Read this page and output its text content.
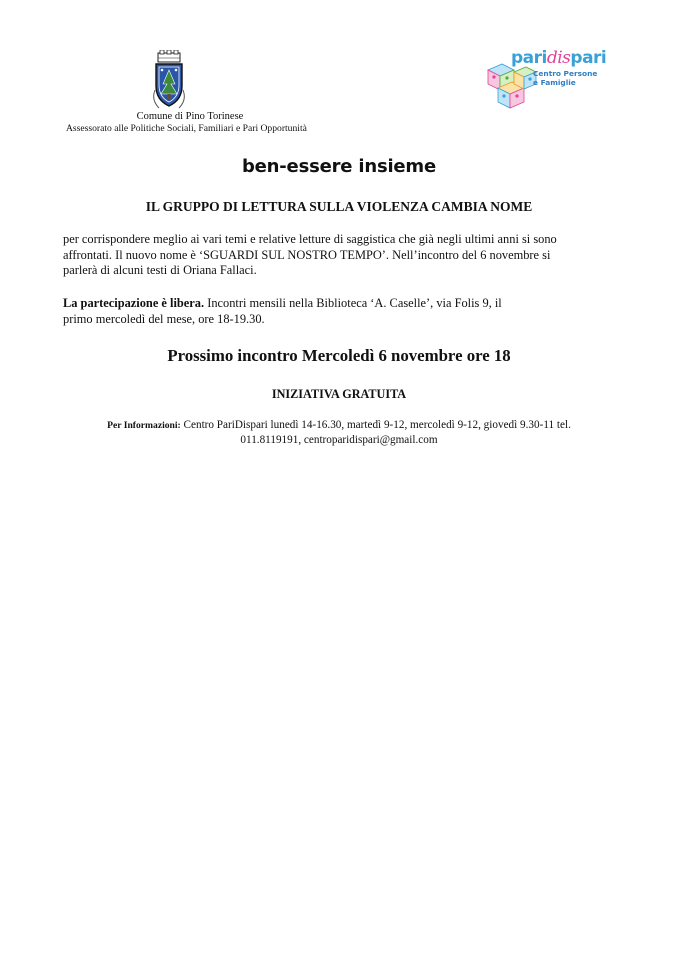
Comune di Pino Torinese
Assessorato alle Politiche Sociali, Familiari e Pari Opportunità
paridispari
Centro Persone
e Famiglie
ben-essere insieme
IL GRUPPO DI LETTURA SULLA VIOLENZA CAMBIA NOME
per corrispondere meglio ai vari temi e relative letture di saggistica che già negli ultimi anni si sono
affrontati. Il nuovo nome è ‘SGUARDI SUL NOSTRO TEMPO’. Nell’incontro del 6 novembre si
parlerà di alcuni testi di Oriana Fallaci.
La partecipazione è libera. Incontri mensili nella Biblioteca ‘A. Caselle’, via Folis 9, il
primo mercoledì del mese, ore 18-19.30.
Prossimo incontro Mercoledì 6 novembre ore 18
INIZIATIVA GRATUITA
Per Informazioni: Centro PariDispari lunedì 14-16.30, martedì 9-12, mercoledì 9-12, giovedì 9.30-11 tel.
011.8119191, centroparidispari@gmail.com
